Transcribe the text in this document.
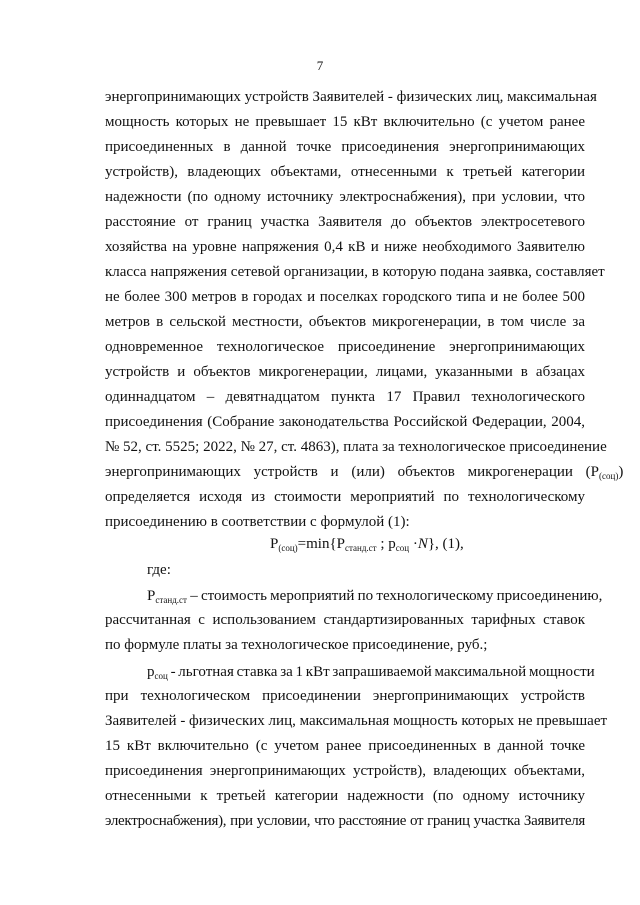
7
энергопринимающих устройств Заявителей - физических лиц, максимальная
мощность которых не превышает 15 кВт включительно (с учетом ранее
присоединенных в данной точке присоединения энергопринимающих
устройств), владеющих объектами, отнесенными к третьей категории
надежности (по одному источнику электроснабжения), при условии, что
расстояние от границ участка Заявителя до объектов электросетевого
хозяйства на уровне напряжения 0,4 кВ и ниже необходимого Заявителю
класса напряжения сетевой организации, в которую подана заявка, составляет
не более 300 метров в городах и поселках городского типа и не более 500
метров в сельской местности, объектов микрогенерации, в том числе за
одновременное технологическое присоединение энергопринимающих
устройств и объектов микрогенерации, лицами, указанными в абзацах
одиннадцатом – девятнадцатом пункта 17 Правил технологического
присоединения (Собрание законодательства Российской Федерации, 2004,
№ 52, ст. 5525; 2022, № 27, ст. 4863), плата за технологическое присоединение
энергопринимающих устройств и (или) объектов микрогенерации $(P_{(соц)})$
определяется исходя из стоимости мероприятий по технологическому
присоединению в соответствии с формулой (1):
$P_{(соц)}=\min\{P_{станд.ст}$ ; $p_{соц} \cdot N$}, (1),
где:
$P_{станд.ст}$ – стоимость мероприятий по технологическому присоединению,
рассчитанная с использованием стандартизированных тарифных ставок
по формуле платы за технологическое присоединение, руб.;
$p_{соц}$ - льготная ставка за 1 кВт запрашиваемой максимальной мощности
при технологическом присоединении энергопринимающих устройств
Заявителей - физических лиц, максимальная мощность которых не превышает
15 кВт включительно (с учетом ранее присоединенных в данной точке
присоединения энергопринимающих устройств), владеющих объектами,
отнесенными к третьей категории надежности (по одному источнику
электроснабжения), при условии, что расстояние от границ участка Заявителя
